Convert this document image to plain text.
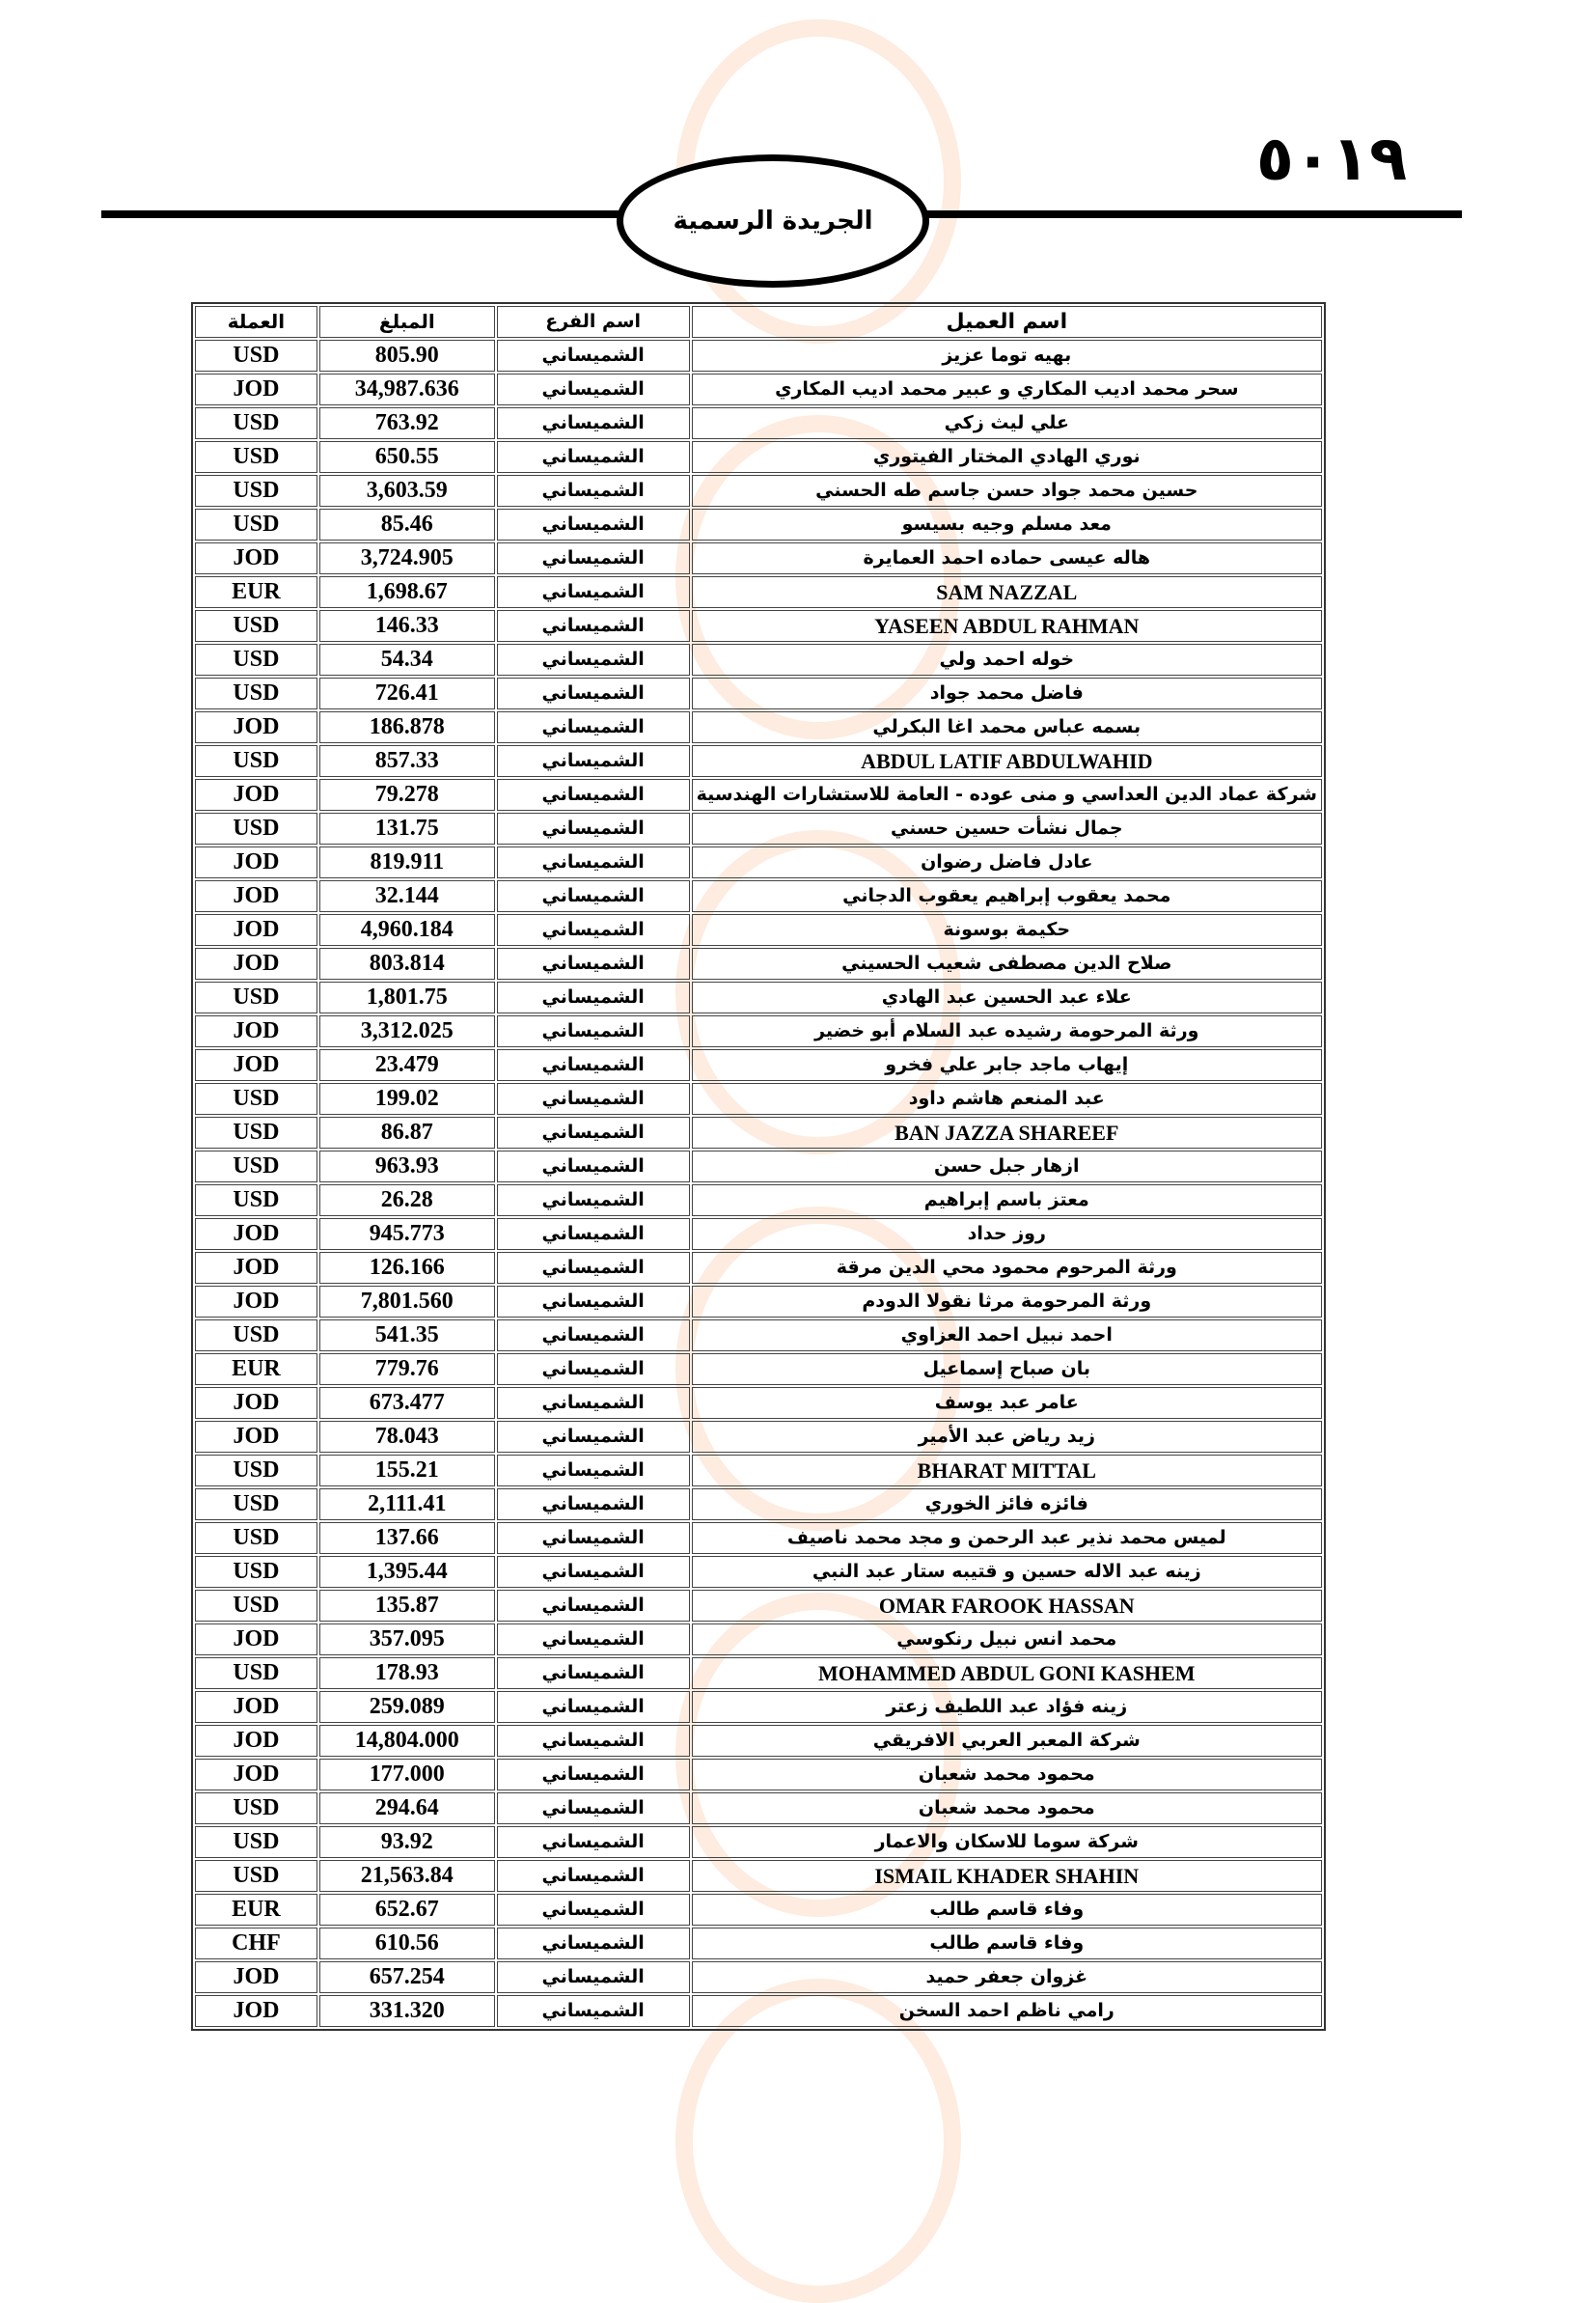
٥٠١٩
الجريدة الرسمية
العملة	المبلغ	اسم الفرع	اسم العميل
USD	805.90	الشميساني	بهيه توما عزيز
JOD	34,987.636	الشميساني	سحر محمد اديب المكاري و عبير محمد اديب المكاري
USD	763.92	الشميساني	علي ليث زكي
USD	650.55	الشميساني	نوري الهادي المختار الفيتوري
USD	3,603.59	الشميساني	حسين محمد جواد حسن جاسم طه الحسني
USD	85.46	الشميساني	معد مسلم وجيه بسيسو
JOD	3,724.905	الشميساني	هاله عيسى حماده احمد العمايرة
EUR	1,698.67	الشميساني	SAM NAZZAL
USD	146.33	الشميساني	YASEEN ABDUL RAHMAN
USD	54.34	الشميساني	خوله احمد ولي
USD	726.41	الشميساني	فاضل محمد جواد
JOD	186.878	الشميساني	بسمه عباس محمد اغا البكرلي
USD	857.33	الشميساني	ABDUL LATIF ABDULWAHID
JOD	79.278	الشميساني	شركة عماد الدين العداسي و منى عوده - العامة للاستشارات الهندسية
USD	131.75	الشميساني	جمال نشأت حسين حسني
JOD	819.911	الشميساني	عادل فاضل رضوان
JOD	32.144	الشميساني	محمد يعقوب إبراهيم يعقوب الدجاني
JOD	4,960.184	الشميساني	حكيمة بوسونة
JOD	803.814	الشميساني	صلاح الدين مصطفى شعيب الحسيني
USD	1,801.75	الشميساني	علاء عبد الحسين عبد الهادي
JOD	3,312.025	الشميساني	ورثة المرحومة رشيده عبد السلام أبو خضير
JOD	23.479	الشميساني	إيهاب ماجد جابر علي فخرو
USD	199.02	الشميساني	عبد المنعم هاشم داود
USD	86.87	الشميساني	BAN JAZZA SHAREEF
USD	963.93	الشميساني	ازهار جبل حسن
USD	26.28	الشميساني	معتز باسم إبراهيم
JOD	945.773	الشميساني	روز حداد
JOD	126.166	الشميساني	ورثة المرحوم محمود محي الدين مرقة
JOD	7,801.560	الشميساني	ورثة المرحومة مرثا نقولا الدودم
USD	541.35	الشميساني	احمد نبيل احمد العزاوي
EUR	779.76	الشميساني	بان صباح إسماعيل
JOD	673.477	الشميساني	عامر عبد يوسف
JOD	78.043	الشميساني	زيد رياض عبد الأمير
USD	155.21	الشميساني	BHARAT MITTAL
USD	2,111.41	الشميساني	فائزه فائز الخوري
USD	137.66	الشميساني	لميس محمد نذير عبد الرحمن و مجد محمد ناصيف
USD	1,395.44	الشميساني	زينه عبد الاله حسين و قتيبه ستار عبد النبي
USD	135.87	الشميساني	OMAR FAROOK HASSAN
JOD	357.095	الشميساني	محمد انس نبيل رنكوسي
USD	178.93	الشميساني	MOHAMMED ABDUL GONI KASHEM
JOD	259.089	الشميساني	زينه فؤاد عبد اللطيف زعتر
JOD	14,804.000	الشميساني	شركة المعبر العربي الافريقي
JOD	177.000	الشميساني	محمود محمد شعبان
USD	294.64	الشميساني	محمود محمد شعبان
USD	93.92	الشميساني	شركة سوما للاسكان والاعمار
USD	21,563.84	الشميساني	ISMAIL KHADER SHAHIN
EUR	652.67	الشميساني	وفاء قاسم طالب
CHF	610.56	الشميساني	وفاء قاسم طالب
JOD	657.254	الشميساني	غزوان جعفر حميد
JOD	331.320	الشميساني	رامي ناظم احمد السخن
